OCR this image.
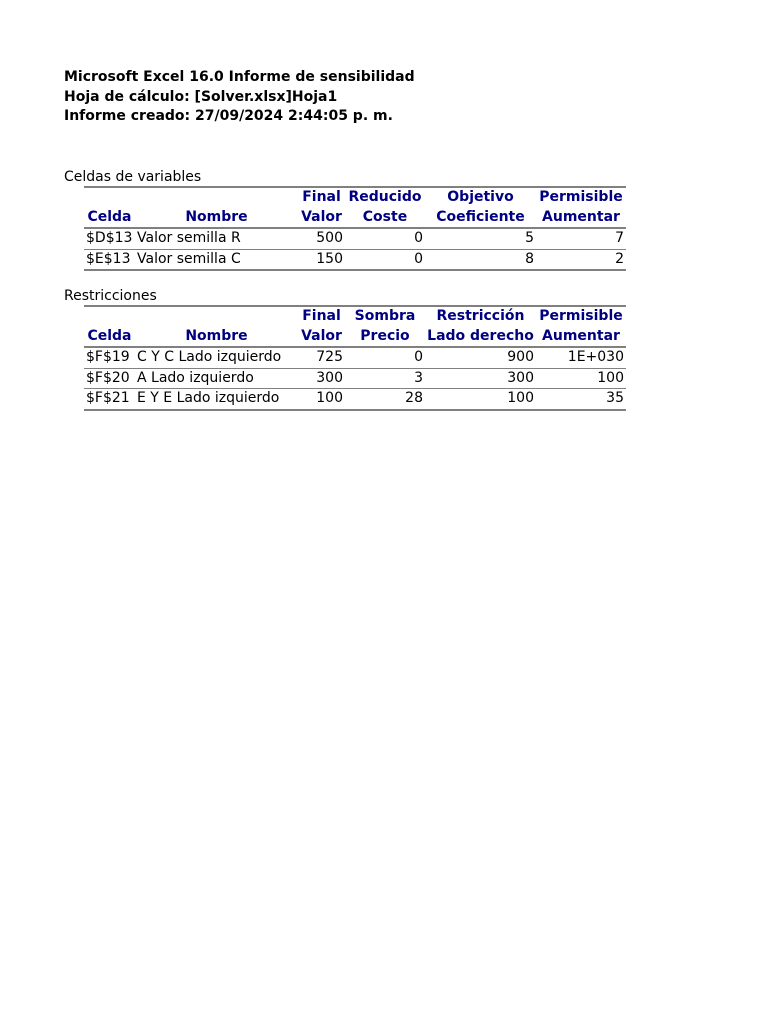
Microsoft Excel 16.0 Informe de sensibilidad
Hoja de cálculo: [Solver.xlsx]Hoja1
Informe creado: 27/09/2024 2:44:05 p. m.
Celdas de variables
		Final	Reducido	Objetivo	Permisible
Celda	Nombre	Valor	Coste	Coeficiente	Aumentar
$D$13	Valor semilla R	500	0	5	7
$E$13	Valor semilla C	150	0	8	2
Restricciones
		Final	Sombra	Restricción	Permisible
Celda	Nombre	Valor	Precio	Lado derecho	Aumentar
$F$19	C Y C Lado izquierdo	725	0	900	1E+030
$F$20	A Lado izquierdo	300	3	300	100
$F$21	E Y E Lado izquierdo	100	28	100	35
